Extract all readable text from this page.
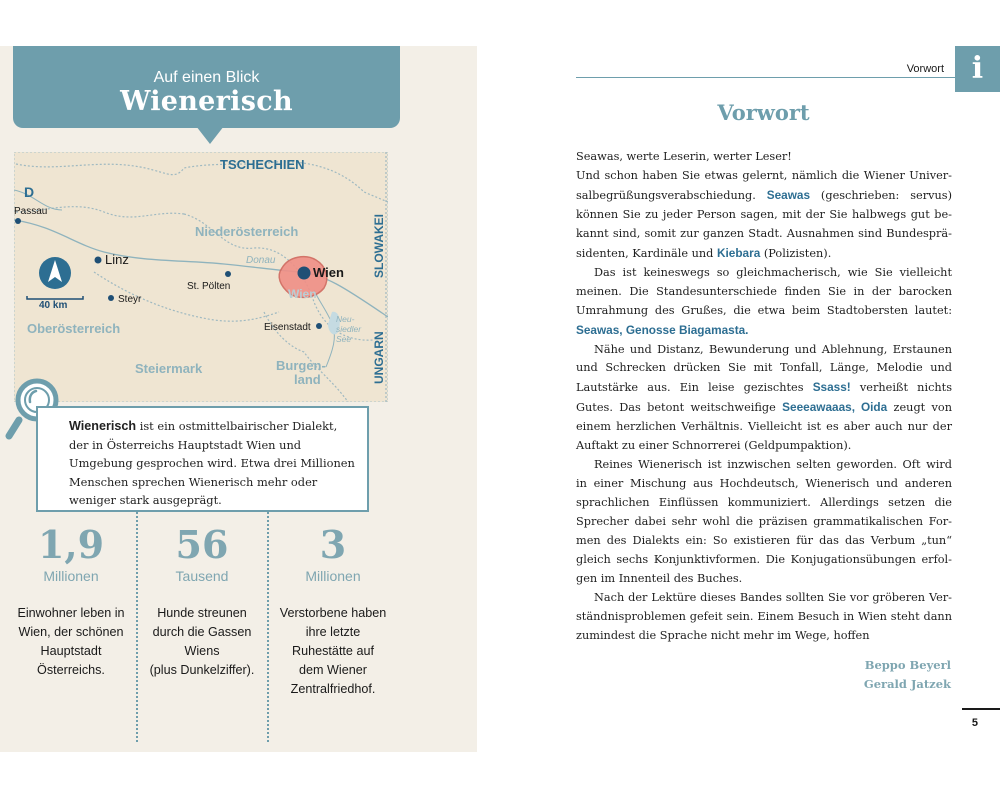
Auf einen Blick
Wienerisch
TSCHECHIEN
D
Passau
Niederösterreich	SLOWAKEI
Linz	Donau
Wien
Wien
St. Pölten
Steyr
40 km
Oberösterreich	Eisenstadt
Neu-
siedler
See UNGARN
Steiermark	Burgen-
land
Wienerisch ist ein ostmittelbairischer Dialekt, der in Österreichs Hauptstadt Wien und Umgebung gesprochen wird. Etwa drei Millionen Menschen sprechen Wienerisch mehr oder weniger stark ausgeprägt.
1,9
Millionen
Einwohner leben in
Wien, der schönen
Hauptstadt
Österreichs.
56
Tausend
Hunde streunen
durch die Gassen
Wiens
(plus Dunkelziffer).
3
Millionen
Verstorbene haben
ihre letzte
Ruhestätte auf
dem Wiener
Zentralfriedhof.
Vorwort i
Vorwort

Seawas, werte Leserin, werter Leser!

Und schon haben Sie etwas gelernt, nämlich die Wiener Universalbegrüßungsverabschiedung. Seawas (geschrieben: servus) können Sie zu jeder Person sagen, mit der Sie halbwegs gut bekannt sind, somit zur ganzen Stadt. Ausnahmen sind Bundespräsidenten, Kardinäle und Kiebara (Polizisten).

Das ist keineswegs so gleichmacherisch, wie Sie vielleicht meinen. Die Standesunterschiede finden Sie in der barocken Umrahmung des Grußes, die etwa beim Stadtobersten lautet: Seawas, Genosse Biagamasta.

Nähe und Distanz, Bewunderung und Ablehnung, Erstaunen und Schrecken drücken Sie mit Tonfall, Länge, Melodie und Lautstärke aus. Ein leise gezischtes Ssass! verheißt nichts Gutes. Das betont weitschweifige Seeeawaaas, Oida zeugt von einem herzlichen Verhältnis. Vielleicht ist es aber auch nur der Auftakt zu einer Schnorrerei (Geldpumpaktion).

Reines Wienerisch ist inzwischen selten geworden. Oft wird in einer Mischung aus Hochdeutsch, Wienerisch und anderen sprachlichen Einflüssen kommuniziert. Allerdings setzen die Sprecher dabei sehr wohl die präzisen grammatikalischen Formen des Dialekts ein: So existieren für das das Verbum „tun“ gleich sechs Konjunktivformen. Die Konjugationsübungen erfolgen im Innenteil des Buches.

Nach der Lektüre dieses Bandes sollten Sie vor gröberen Verständnisproblemen gefeit sein. Einem Besuch in Wien steht dann zumindest die Sprache nicht mehr im Wege, hoffen

Beppo Beyerl
Gerald Jatzek
5
